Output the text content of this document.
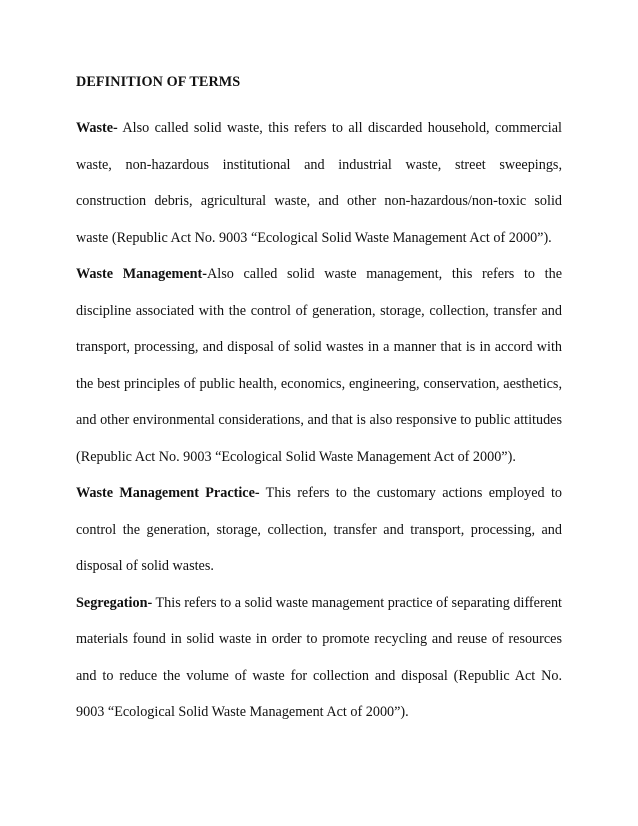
DEFINITION OF TERMS

Waste- Also called solid waste, this refers to all discarded household, commercial waste, non-hazardous institutional and industrial waste, street sweepings, construction debris, agricultural waste, and other non-hazardous/non-toxic solid waste (Republic Act No. 9003 “Ecological Solid Waste Management Act of 2000”).

Waste Management-Also called solid waste management, this refers to the discipline associated with the control of generation, storage, collection, transfer and transport, processing, and disposal of solid wastes in a manner that is in accord with the best principles of public health, economics, engineering, conservation, aesthetics, and other environmental considerations, and that is also responsive to public attitudes (Republic Act No. 9003 “Ecological Solid Waste Management Act of 2000”).

Waste Management Practice- This refers to the customary actions employed to control the generation, storage, collection, transfer and transport, processing, and disposal of solid wastes.

Segregation- This refers to a solid waste management practice of separating different materials found in solid waste in order to promote recycling and reuse of resources and to reduce the volume of waste for collection and disposal (Republic Act No. 9003 “Ecological Solid Waste Management Act of 2000”).
